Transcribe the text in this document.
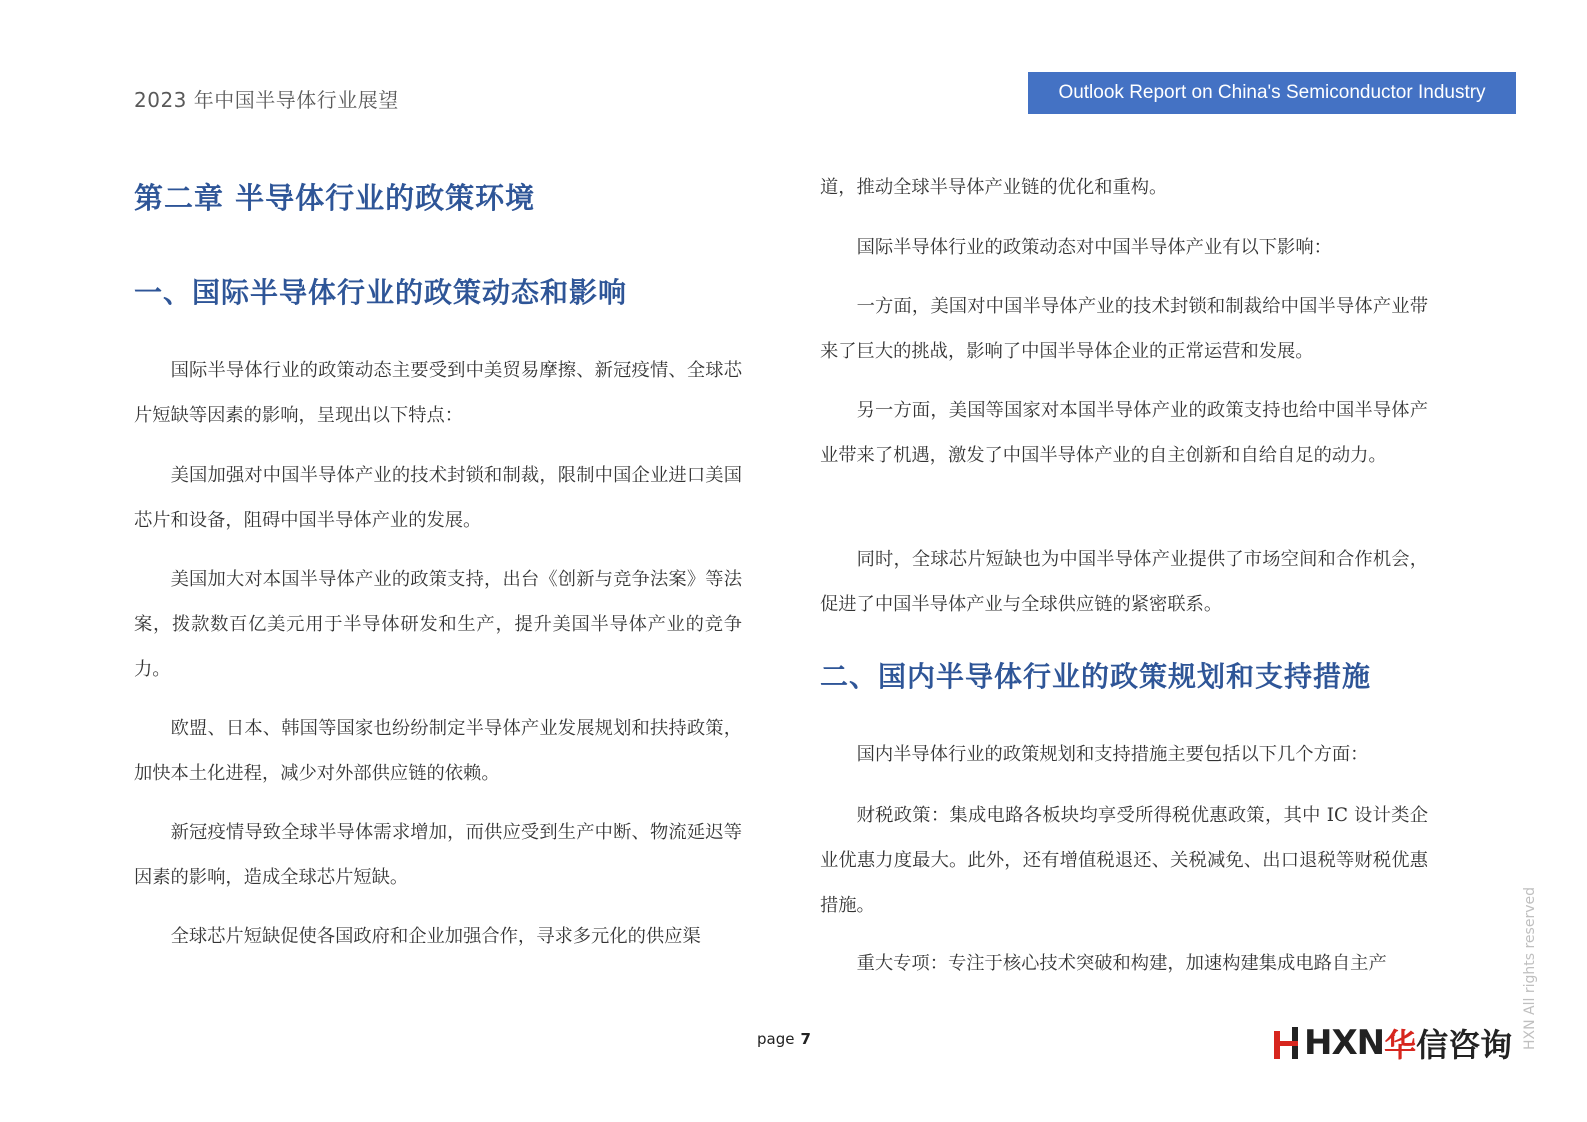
2023 年中国半导体行业展望	Outlook Report on China's Semiconductor Industry
第二章 半导体行业的政策环境
一、国际半导体行业的政策动态和影响

国际半导体行业的政策动态主要受到中美贸易摩擦、新冠疫情、全球芯片短缺等因素的影响，呈现出以下特点：

美国加强对中国半导体产业的技术封锁和制裁，限制中国企业进口美国芯片和设备，阻碍中国半导体产业的发展。

美国加大对本国半导体产业的政策支持，出台《创新与竞争法案》等法案，拨款数百亿美元用于半导体研发和生产，提升美国半导体产业的竞争力。

欧盟、日本、韩国等国家也纷纷制定半导体产业发展规划和扶持政策，加快本土化进程，减少对外部供应链的依赖。

新冠疫情导致全球半导体需求增加，而供应受到生产中断、物流延迟等因素的影响，造成全球芯片短缺。

全球芯片短缺促使各国政府和企业加强合作，寻求多元化的供应渠

道，推动全球半导体产业链的优化和重构。

国际半导体行业的政策动态对中国半导体产业有以下影响：

一方面，美国对中国半导体产业的技术封锁和制裁给中国半导体产业带来了巨大的挑战，影响了中国半导体企业的正常运营和发展。

另一方面，美国等国家对本国半导体产业的政策支持也给中国半导体产业带来了机遇，激发了中国半导体产业的自主创新和自给自足的动力。

同时，全球芯片短缺也为中国半导体产业提供了市场空间和合作机会，促进了中国半导体产业与全球供应链的紧密联系。

二、国内半导体行业的政策规划和支持措施

国内半导体行业的政策规划和支持措施主要包括以下几个方面：

财税政策：集成电路各板块均享受所得税优惠政策，其中 IC 设计类企业优惠力度最大。此外，还有增值税退还、关税减免、出口退税等财税优惠措施。

重大专项：专注于核心技术突破和构建，加速构建集成电路自主产

page 7	HXN 华信咨询 HXN All rights reserved
